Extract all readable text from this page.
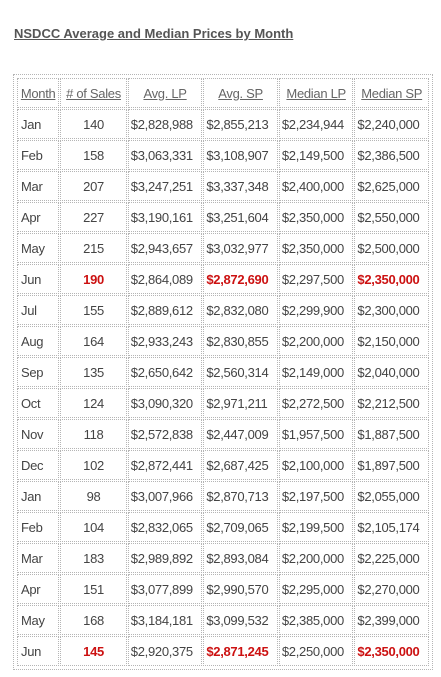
NSDCC Average and Median Prices by Month
Month	# of Sales	Avg. LP	Avg. SP	Median LP	Median SP
Jan	140	$2,828,988	$2,855,213	$2,234,944	$2,240,000
Feb	158	$3,063,331	$3,108,907	$2,149,500	$2,386,500
Mar	207	$3,247,251	$3,337,348	$2,400,000	$2,625,000
Apr	227	$3,190,161	$3,251,604	$2,350,000	$2,550,000
May	215	$2,943,657	$3,032,977	$2,350,000	$2,500,000
Jun	190	$2,864,089	$2,872,690	$2,297,500	$2,350,000
Jul	155	$2,889,612	$2,832,080	$2,299,900	$2,300,000
Aug	164	$2,933,243	$2,830,855	$2,200,000	$2,150,000
Sep	135	$2,650,642	$2,560,314	$2,149,000	$2,040,000
Oct	124	$3,090,320	$2,971,211	$2,272,500	$2,212,500
Nov	118	$2,572,838	$2,447,009	$1,957,500	$1,887,500
Dec	102	$2,872,441	$2,687,425	$2,100,000	$1,897,500
Jan	98	$3,007,966	$2,870,713	$2,197,500	$2,055,000
Feb	104	$2,832,065	$2,709,065	$2,199,500	$2,105,174
Mar	183	$2,989,892	$2,893,084	$2,200,000	$2,225,000
Apr	151	$3,077,899	$2,990,570	$2,295,000	$2,270,000
May	168	$3,184,181	$3,099,532	$2,385,000	$2,399,000
Jun	145	$2,920,375	$2,871,245	$2,250,000	$2,350,000
